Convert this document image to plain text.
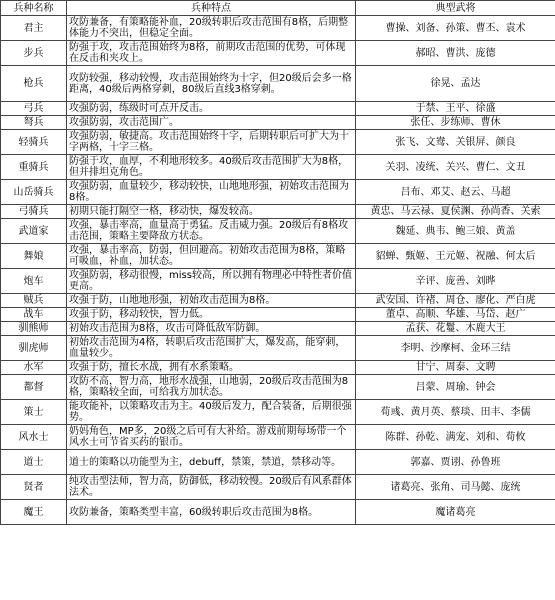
兵种名称	兵种特点	典型武将
君主	攻防兼备，有策略能补血，20级转职后攻击范围有8格，后期整体能力不突出，但稳定全面。	曹操、刘备、孙策、曹丕、袁术
步兵	防强于攻，攻击范围始终为8格，前期攻击范围的优势，可体现在反击和夹攻上。	郝昭、曹洪、庞德
枪兵	攻防较强，移动较慢，攻击范围始终为十字，但20级后会多一格距离，40级后两格穿刺，80级后直线3格穿刺。	徐晃、孟达
弓兵	攻强防弱，练级时可点开反击。	于禁、王平、徐盛
弩兵	攻强防弱，攻击范围广。	张任、步练师、曹休
轻骑兵	攻强防弱，敏捷高。攻击范围始终十字，后期转职后可扩大为十字两格，十字三格。	张飞、文鸯、关银屏、颜良
重骑兵	防强于攻，血厚，不利地形较多。40级后攻击范围扩大为8格，但并排坦克角色。	关羽、凌统、关兴、曹仁、文丑
山岳骑兵	攻强防弱，血量较少，移动较快，山地地形强，初始攻击范围为8格。	吕布、邓艾、赵云、马超
弓骑兵	初期只能打隔空一格，移动快，爆发较高。	黄忠、马云禄、夏侯渊、孙尚香、关索
武道家	攻强，暴击率高，血量高于勇猛。反击威力强。20级后有8格攻击范围，策略主要降敌方状态。	魏延、典韦、鲍三娘、黄盖
舞娘	攻强，暴击率高，防弱，但回避高。初始攻击范围为8格，策略可吸血，补血，加状态。	貂蝉、甄姬、王元姬、祝融、何太后
炮车	攻强防弱，移动很慢，miss较高，所以拥有物理必中特性者价值更高。	辛评、庞善、刘晔
贼兵	攻强于防，山地地形强，初始攻击范围为8格。	武安国、许褚、周仓、廖化、严白虎
战车	攻强于防，移动较快，智力低。	董卓、高顺、华雄、马岱、赵广
驯熊师	初始攻击范围为8格，攻击可降低敌军防御。	孟获、花鬘、木鹿大王
驯虎师	初始攻击范围为4格，转职后攻击范围扩大，爆发高，能穿刺，血量较少。	李明、沙摩柯、金环三结
水军	攻强于防，擅长水战，拥有水系策略。	甘宁、周泰、文聘
都督	攻防不高，智力高，地形水战强，山地弱，20级后攻击范围为8格，策略较全面，可给我方加状态。	吕蒙、周瑜、钟会
策士	能攻能补，以策略攻击为主。40级后发力，配合装备，后期很强势。	荀彧、黄月英、蔡琰、田丰、李儒
风水士	奶妈角色，MP多，20级之后可有大补给。游戏前期每场带一个风水士可节省买药的银币。	陈群、孙乾、满宠、刘和、荀攸
道士	道士的策略以功能型为主，debuff，禁策，禁道，禁移动等。	郭嘉、贾诩、孙鲁班
贤者	纯攻击型法师，智力高，防御低，移动较慢。20级后有风系群体法术。	诸葛亮、张角、司马懿、庞统
魔王	攻防兼备，策略类型丰富，60级转职后攻击范围为8格。	魔诸葛亮
